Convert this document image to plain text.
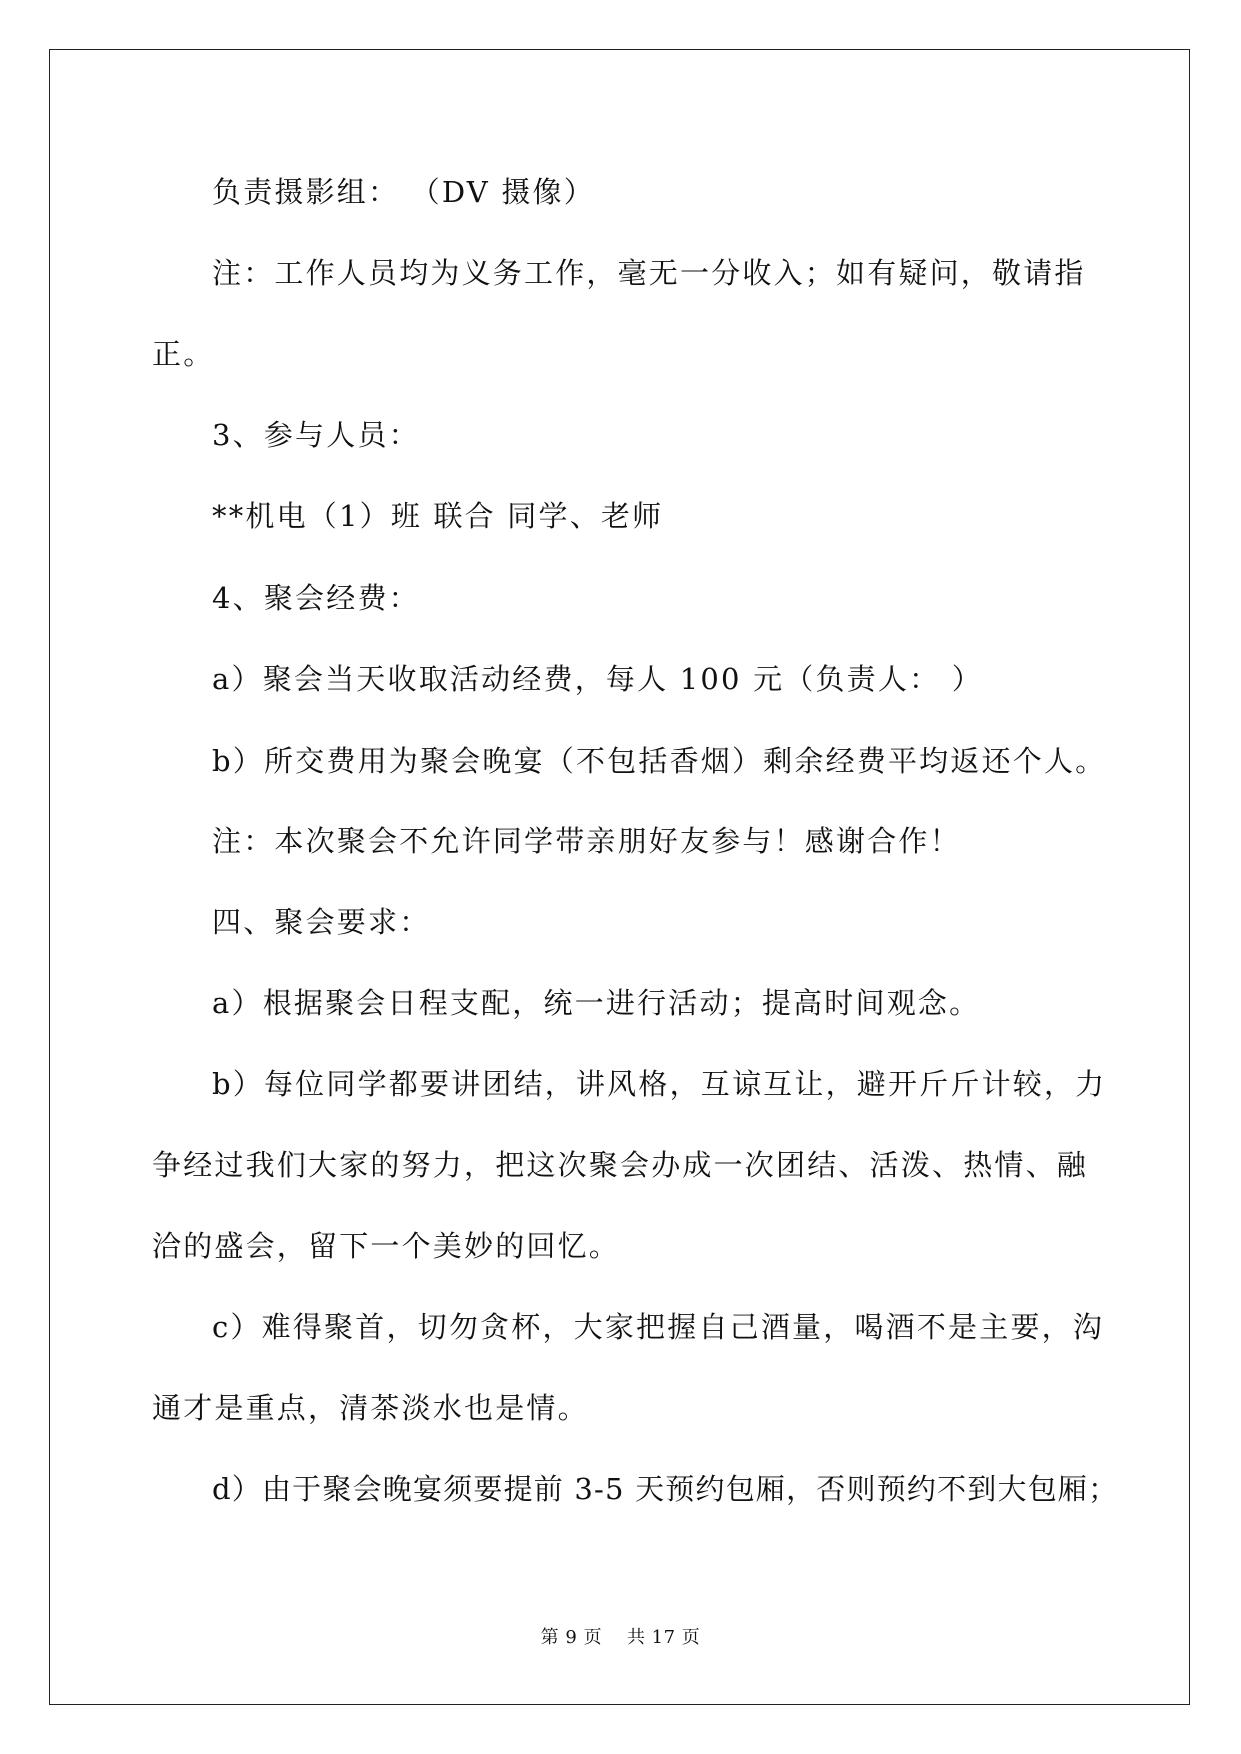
负责摄影组： （DV 摄像）
注：工作人员均为义务工作，毫无一分收入；如有疑问，敬请指
正。
3、参与人员：
**机电（1）班 联合 同学、老师
4、聚会经费：
a）聚会当天收取活动经费，每人 100 元（负责人： ）
b）所交费用为聚会晚宴（不包括香烟）剩余经费平均返还个人。
注：本次聚会不允许同学带亲朋好友参与！感谢合作！
四、聚会要求：
a）根据聚会日程支配，统一进行活动；提高时间观念。
b）每位同学都要讲团结，讲风格，互谅互让，避开斤斤计较，力
争经过我们大家的努力，把这次聚会办成一次团结、活泼、热情、融
洽的盛会，留下一个美妙的回忆。
c）难得聚首，切勿贪杯，大家把握自己酒量，喝酒不是主要，沟
通才是重点，清茶淡水也是情。
d）由于聚会晚宴须要提前 3-5 天预约包厢，否则预约不到大包厢；
第 9 页    共 17 页
